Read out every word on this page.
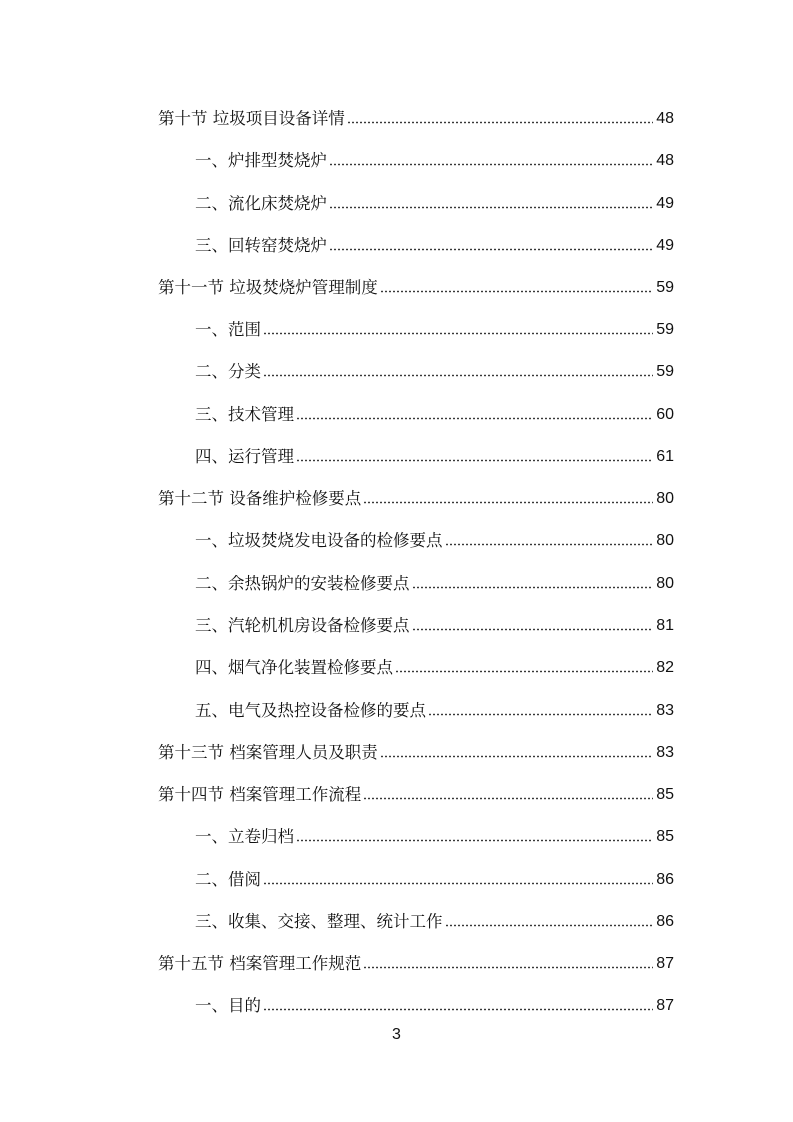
第十节 垃圾项目设备详情	48
一、炉排型焚烧炉	48
二、流化床焚烧炉	49
三、回转窑焚烧炉	49
第十一节 垃圾焚烧炉管理制度	59
一、范围	59
二、分类	59
三、技术管理	60
四、运行管理	61
第十二节 设备维护检修要点	80
一、垃圾焚烧发电设备的检修要点	80
二、余热锅炉的安装检修要点	80
三、汽轮机机房设备检修要点	81
四、烟气净化装置检修要点	82
五、电气及热控设备检修的要点	83
第十三节 档案管理人员及职责	83
第十四节 档案管理工作流程	85
一、立卷归档	85
二、借阅	86
三、收集、交接、整理、统计工作	86
第十五节 档案管理工作规范	87
一、目的	87
3
